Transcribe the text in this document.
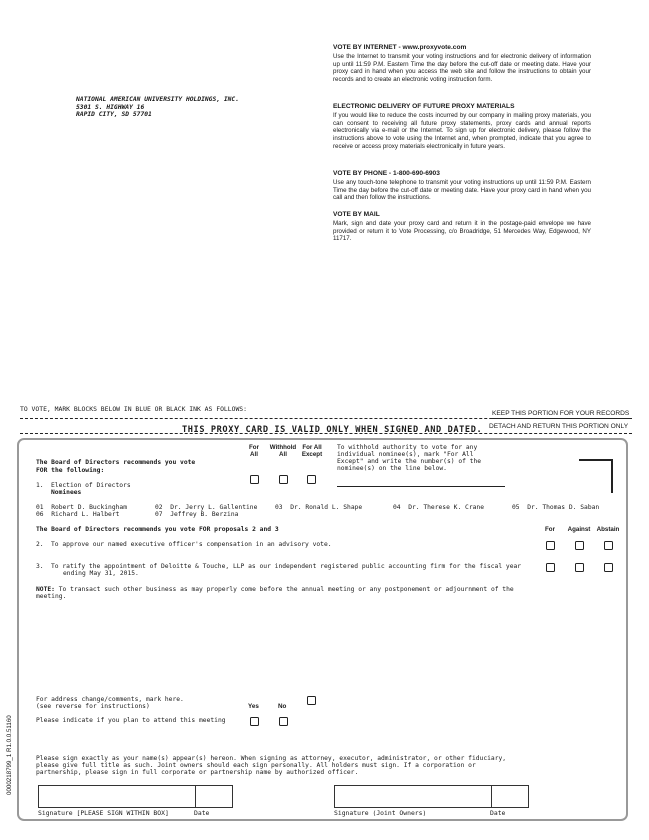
NATIONAL AMERICAN UNIVERSITY HOLDINGS, INC.
5301 S. HIGHWAY 16
RAPID CITY, SD 57701
VOTE BY INTERNET - www.proxyvote.com

Use the Internet to transmit your voting instructions and for electronic delivery of information up until 11:59 P.M. Eastern Time the day before the cut-off date or meeting date. Have your proxy card in hand when you access the web site and follow the instructions to obtain your records and to create an electronic voting instruction form.

ELECTRONIC DELIVERY OF FUTURE PROXY MATERIALS

If you would like to reduce the costs incurred by our company in mailing proxy materials, you can consent to receiving all future proxy statements, proxy cards and annual reports electronically via e-mail or the Internet. To sign up for electronic delivery, please follow the instructions above to vote using the Internet and, when prompted, indicate that you agree to receive or access proxy materials electronically in future years.

VOTE BY PHONE - 1-800-690-6903

Use any touch-tone telephone to transmit your voting instructions up until 11:59 P.M. Eastern Time the day before the cut-off date or meeting date. Have your proxy card in hand when you call and then follow the instructions.

VOTE BY MAIL

Mark, sign and date your proxy card and return it in the postage-paid envelope we have provided or return it to Vote Processing, c/o Broadridge, 51 Mercedes Way, Edgewood, NY 11717.

TO VOTE, MARK BLOCKS BELOW IN BLUE OR BLACK INK AS FOLLOWS:
KEEP THIS PORTION FOR YOUR RECORDS
DETACH AND RETURN THIS PORTION ONLY
THIS PROXY CARD IS VALID ONLY WHEN SIGNED AND DATED.
The Board of Directors recommends you vote
FOR the following:
For
All
Withhold
All
For All
Except
To withhold authority to vote for any individual nominee(s), mark "For All Except" and write the number(s) of the nominee(s) on the line below.
1. Election of Directors
Nominees
01 Robert D. Buckingham	02 Dr. Jerry L. Gallentine	03 Dr. Ronald L. Shape	04 Dr. Therese K. Crane	05 Dr. Thomas D. Saban
06 Richard L. Halbert	07 Jeffrey B. Berzina
The Board of Directors recommends you vote FOR proposals 2 and 3	For	Against	Abstain
2. To approve our named executive officer's compensation in an advisory vote.
3. To ratify the appointment of Deloitte & Touche, LLP as our independent registered public accounting firm for the fiscal year
ending May 31, 2015.
NOTE: To transact such other business as may properly come before the annual meeting or any postponement or adjournment of the
meeting.
For address change/comments, mark here.
(see reverse for instructions)	Yes	No
Please indicate if you plan to attend this meeting
Please sign exactly as your name(s) appear(s) hereon. When signing as attorney, executor, administrator, or other fiduciary,
please give full title as such. Joint owners should each sign personally. All holders must sign. If a corporation or
partnership, please sign in full corporate or partnership name by authorized officer.
Signature [PLEASE SIGN WITHIN BOX]	Date	Signature (Joint Owners)	Date
0000218799_1 R1.0.0.51160
